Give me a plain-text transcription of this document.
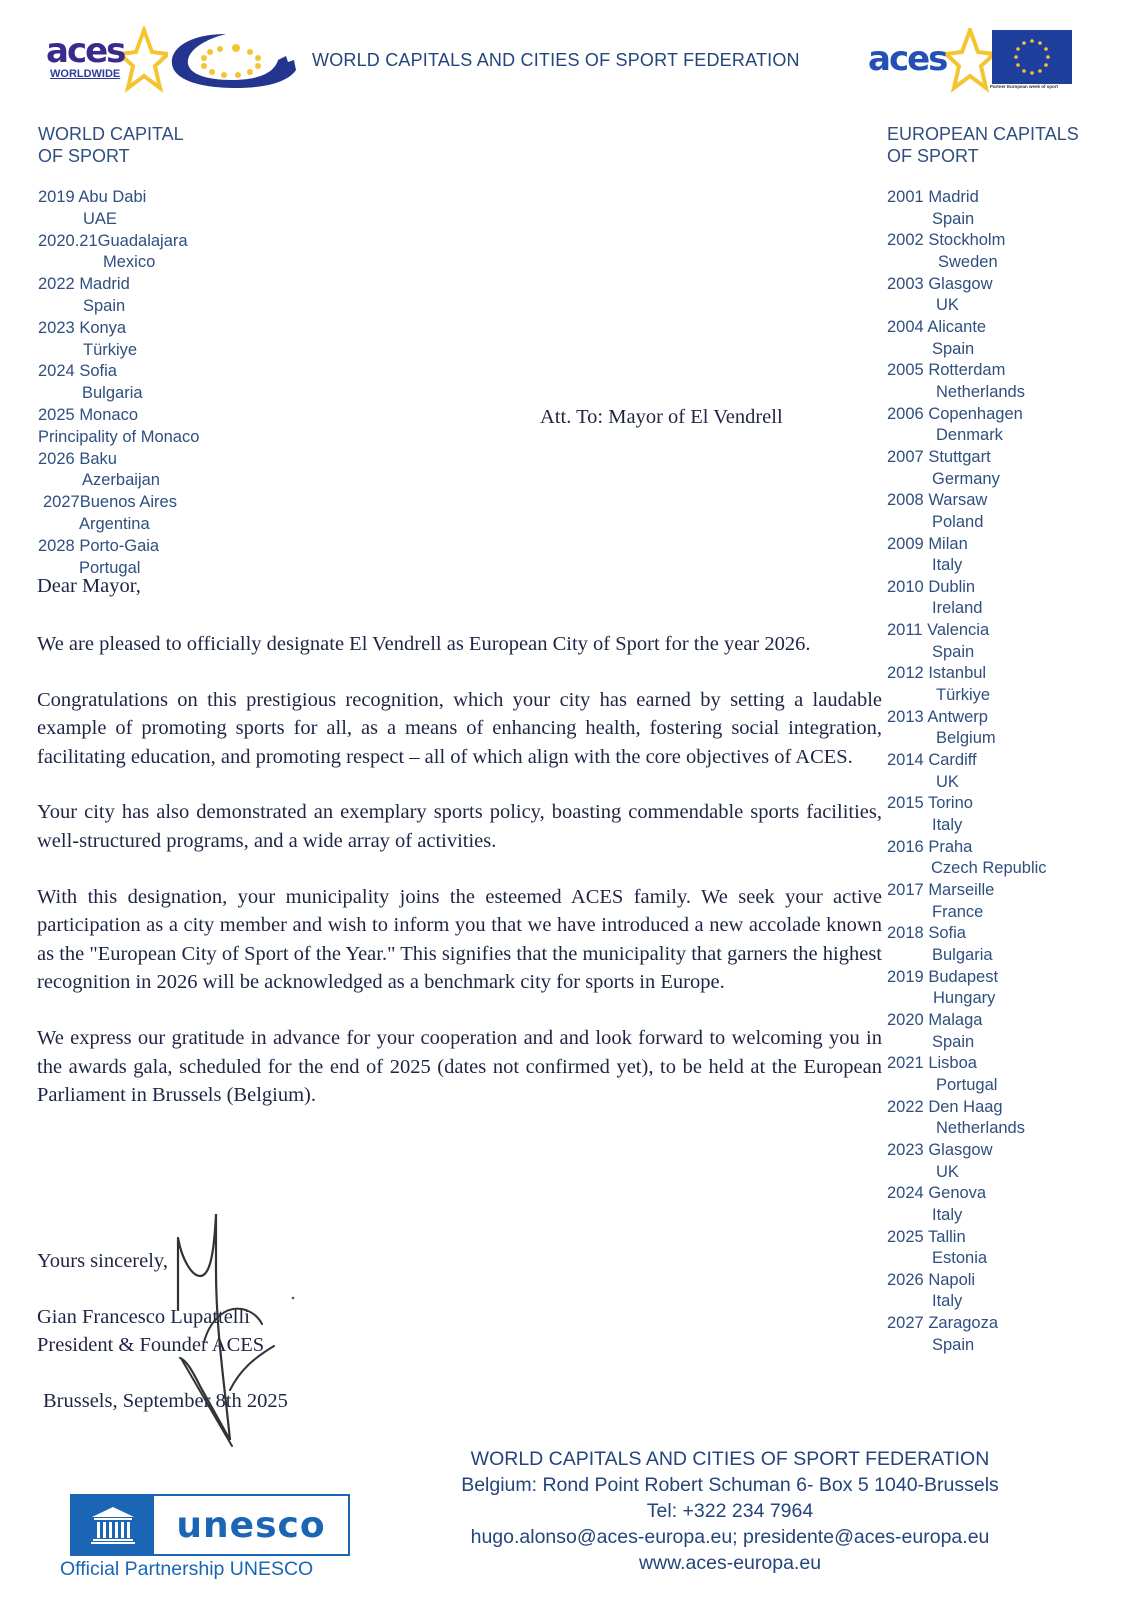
aces
WORLDWIDE
WORLD CAPITALS AND CITIES OF SPORT FEDERATION aces
Partner European week of sport
WORLD CAPITAL
OF SPORT
2019 Abu Dabi
UAE
2020.21Guadalajara
Mexico
2022 Madrid
Spain
2023 Konya
Türkiye
2024 Sofia
Bulgaria
2025 Monaco
Principality of Monaco
2026 Baku
Azerbaijan
2027Buenos Aires
Argentina
2028 Porto-Gaia
Portugal
EUROPEAN CAPITALS
OF SPORT
2001 Madrid
Spain
2002 Stockholm
Sweden
2003 Glasgow
UK
2004 Alicante
Spain
2005 Rotterdam
Netherlands
2006 Copenhagen
Denmark
2007 Stuttgart
Germany
2008 Warsaw
Poland
2009 Milan
Italy
2010 Dublin
Ireland
2011 Valencia
Spain
2012 Istanbul
Türkiye
2013 Antwerp
Belgium
2014 Cardiff
UK
2015 Torino
Italy
2016 Praha
Czech Republic
2017 Marseille
France
2018 Sofia
Bulgaria
2019 Budapest
Hungary
2020 Malaga
Spain
2021 Lisboa
Portugal
2022 Den Haag
Netherlands
2023 Glasgow
UK
2024 Genova
Italy
2025 Tallin
Estonia
2026 Napoli
Italy
2027 Zaragoza
Spain
Att. To: Mayor of El Vendrell
Dear Mayor,

We are pleased to officially designate El Vendrell as European City of Sport for the year 2026.

Congratulations on this prestigious recognition, which your city has earned by setting a laudable example of promoting sports for all, as a means of enhancing health, fostering social integration, facilitating education, and promoting respect – all of which align with the core objectives of ACES.

Your city has also demonstrated an exemplary sports policy, boasting commendable sports facilities, well-structured programs, and a wide array of activities.

With this designation, your municipality joins the esteemed ACES family. We seek your active participation as a city member and wish to inform you that we have introduced a new accolade known as the "European City of Sport of the Year." This signifies that the municipality that garners the highest recognition in 2026 will be acknowledged as a benchmark city for sports in Europe.

We express our gratitude in advance for your cooperation and and look forward to welcoming you in the awards gala, scheduled for the end of 2025 (dates not confirmed yet), to be held at the European Parliament in Brussels (Belgium).

Yours sincerely,
Gian Francesco Lupattelli
President & Founder ACES
Brussels, September 8th 2025
unesco
Official Partnership UNESCO
WORLD CAPITALS AND CITIES OF SPORT FEDERATION
Belgium: Rond Point Robert Schuman 6- Box 5 1040-Brussels
Tel: +322 234 7964
hugo.alonso@aces-europa.eu; presidente@aces-europa.eu
www.aces-europa.eu
